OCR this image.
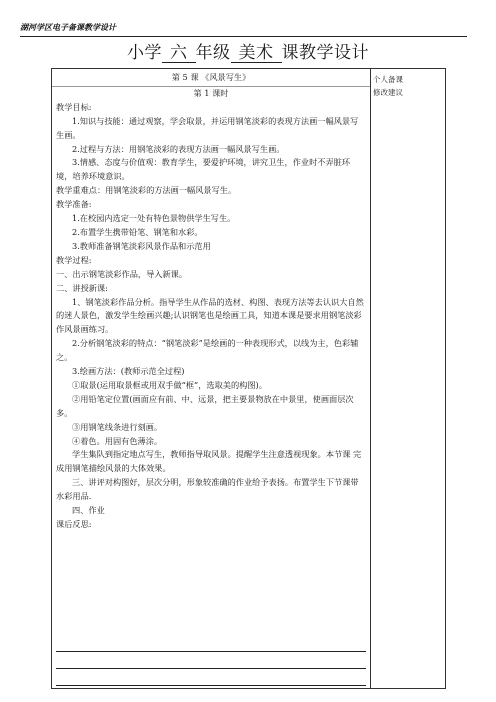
湖河学区电子备课教学设计
小学 六 年级 美术 课教学设计
第 5 课 《风景写生》
第 1 课时

教学目标:

1.知识与技能：通过观察，学会取景，并运用钢笔淡彩的表现方法画一幅风景写生画。

2.过程与方法：用钢笔淡彩的表现方法画一幅风景写生画。

3.情感、态度与价值观：教育学生，要爱护环境，讲究卫生，作业时不弄脏环境，培养环境意识。

教学重难点：用钢笔淡彩的方法画一幅风景写生。

教学准备:

1.在校园内选定一处有特色景物供学生写生。

2.布置学生携带铅笔、钢笔和水彩。

3.教师准备钢笔淡彩风景作品和示范用

教学过程:

一、出示钢笔淡彩作品，导入新课。

二、讲授新课:

1、钢笔淡彩作品分析。指导学生从作品的选材、构图、表现方法等去认识大自然的迷人景色，激发学生绘画兴趣;认识钢笔也是绘画工具，知道本课是要求用钢笔淡彩作风景画练习。

2.分析钢笔淡彩的特点：“钢笔淡彩”是绘画的一种表现形式，以线为主，色彩辅之。

3.绘画方法：(教师示范全过程)

①取景(运用取景框或用双手做“框”，选取美的构图)。

②用铅笔定位置(画面应有前、中、远景，把主要景物放在中景里，使画面层次多。

③用钢笔线条进行刻画。

④着色。用固有色薄涂。

学生集队到指定地点写生，教师指导取风景。提醒学生注意透视现象。本节课 完成用钢笔描绘风景的大体效果。

三、讲评对构图好，层次分明，形象较准确的作业给予表扬。布置学生下节课带水彩用品.

四、作业

课后反思:

个人备课
修改建议
